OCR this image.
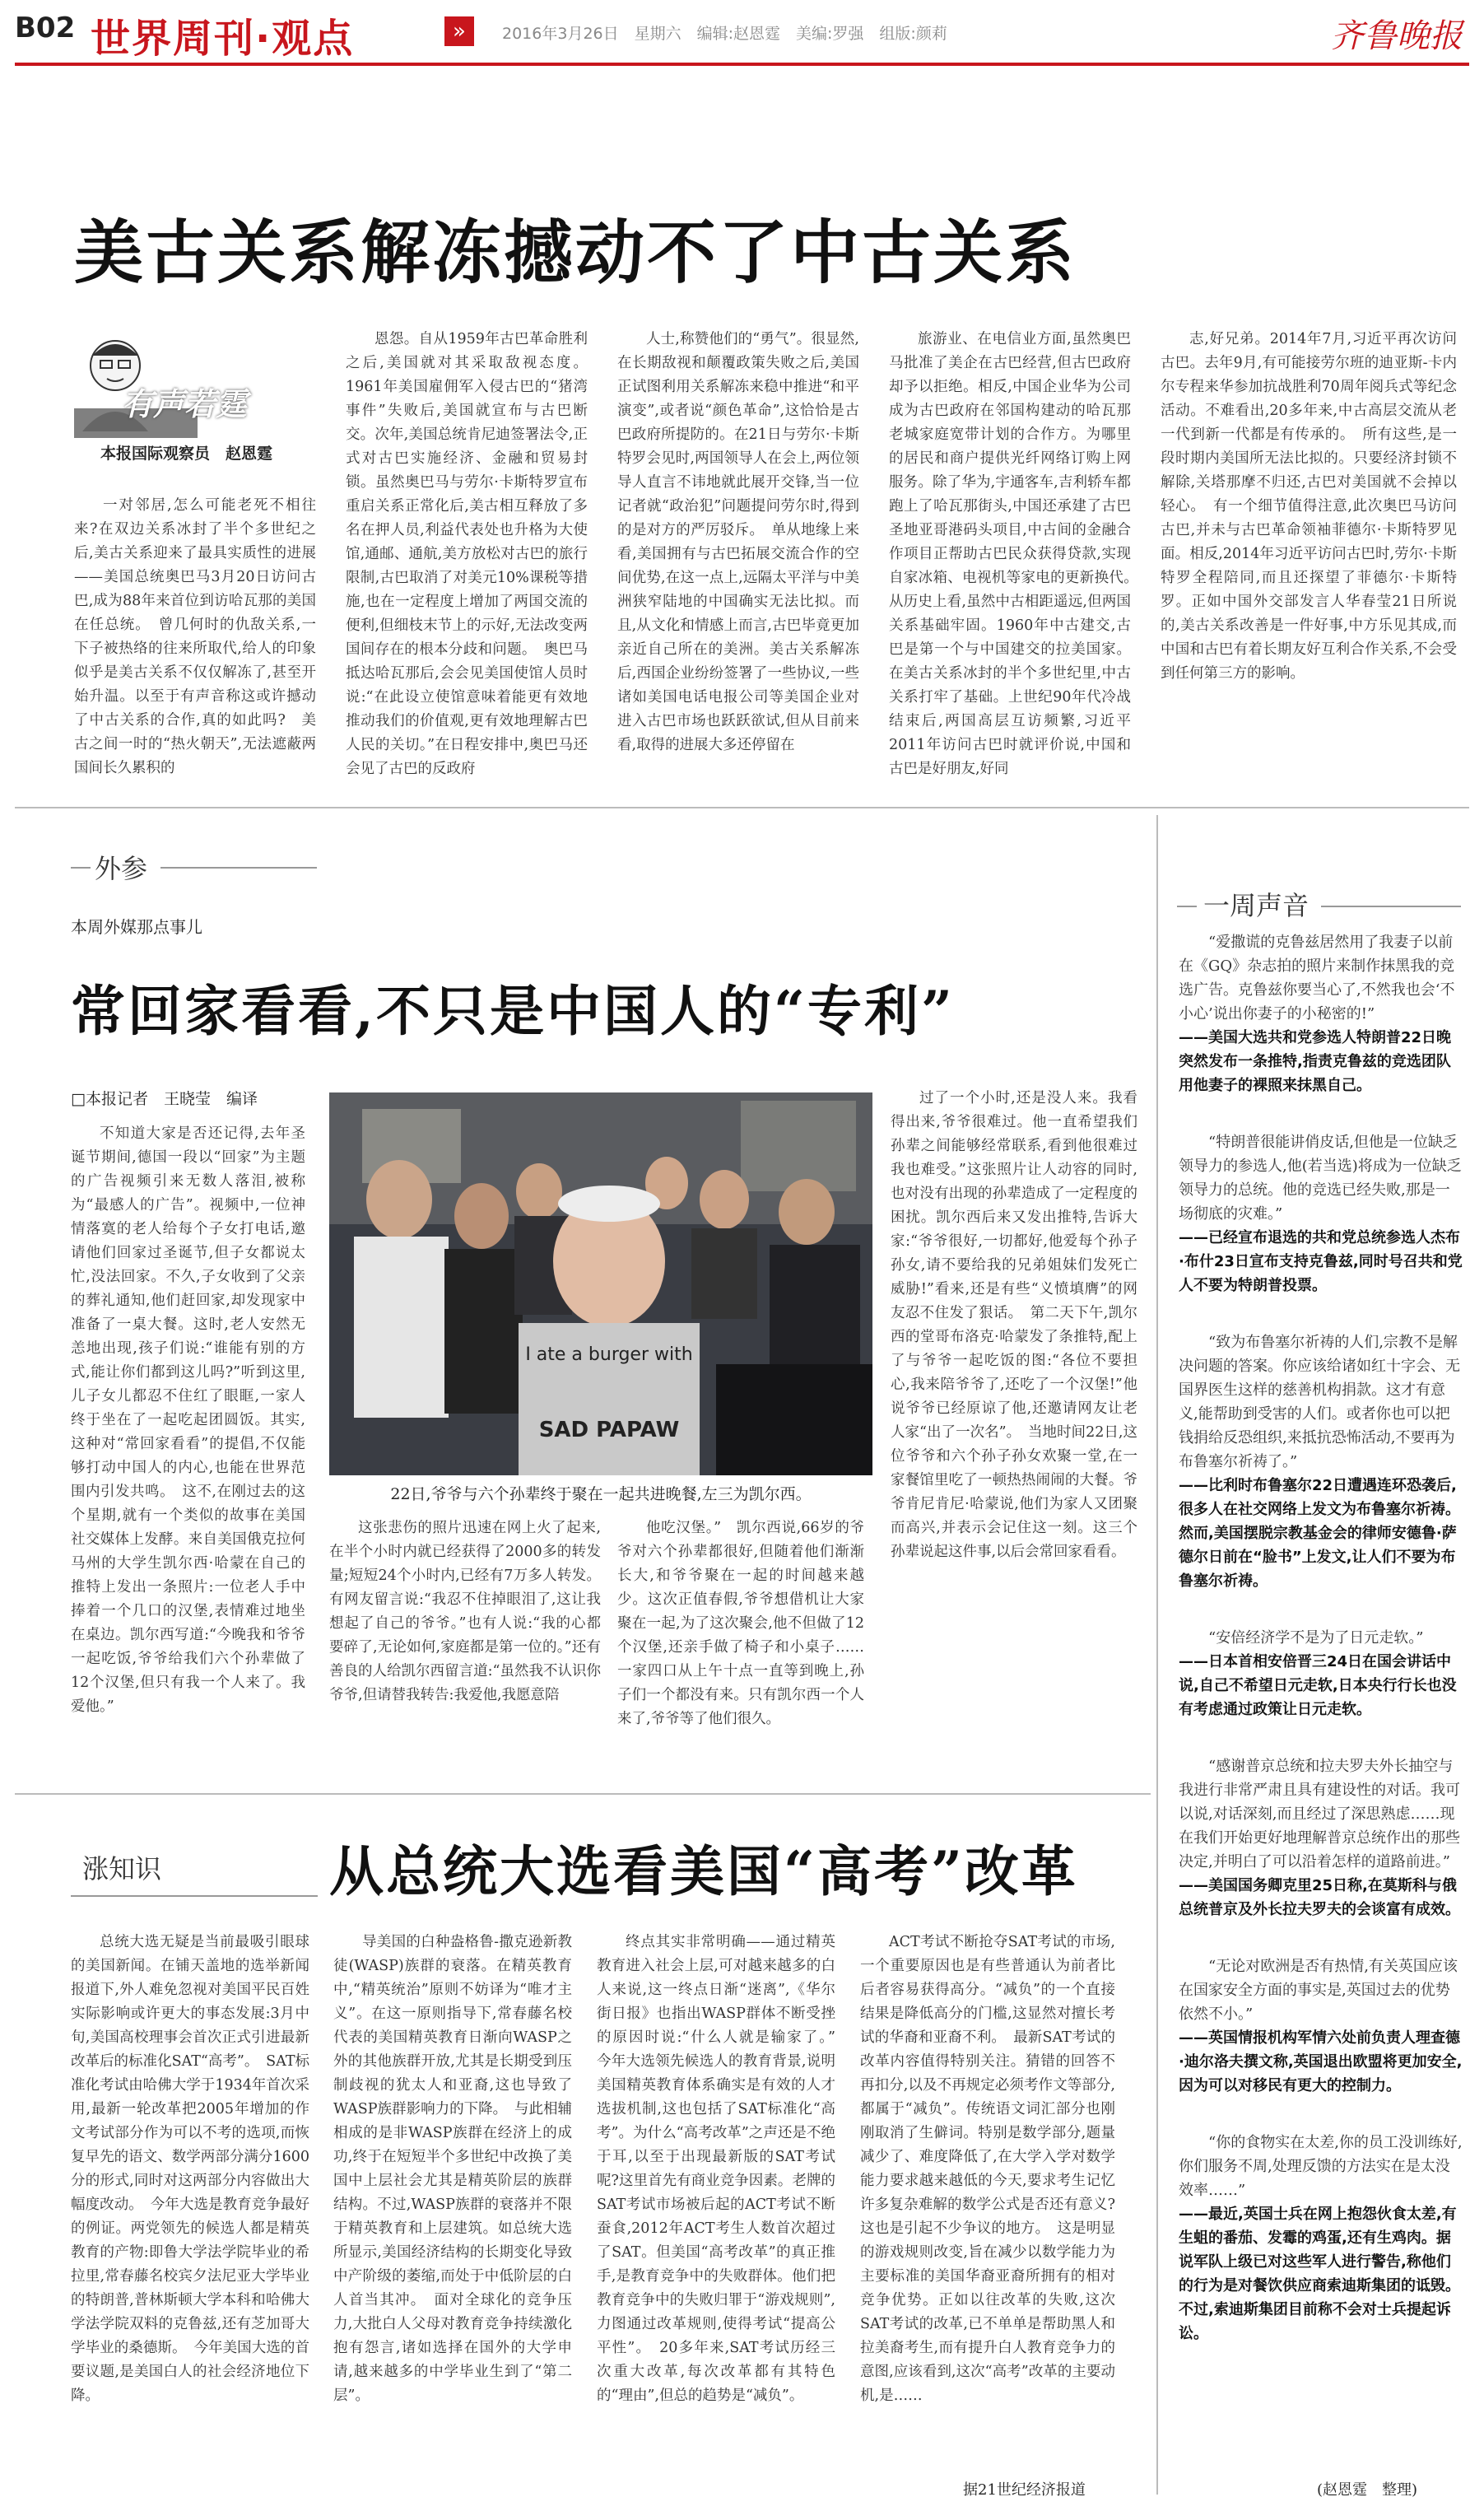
B02 世界周刊·观点	»	2016年3月26日　星期六　编辑:赵恩霆　美编:罗强　组版:颜莉	齐鲁晚报
美古关系解冻撼动不了中古关系
有声若霆
本报国际观察员　赵恩霆

一对邻居,怎么可能老死不相往来?在双边关系冰封了半个多世纪之后,美古关系迎来了最具实质性的进展——美国总统奥巴马3月20日访问古巴,成为88年来首位到访哈瓦那的美国在任总统。　曾几何时的仇敌关系,一下子被热络的往来所取代,给人的印象似乎是美古关系不仅仅解冻了,甚至开始升温。以至于有声音称这或许撼动了中古关系的合作,真的如此吗?　美古之间一时的“热火朝天”,无法遮蔽两国间长久累积的

恩怨。自从1959年古巴革命胜利之后,美国就对其采取敌视态度。1961年美国雇佣军入侵古巴的“猪湾事件”失败后,美国就宣布与古巴断交。次年,美国总统肯尼迪签署法令,正式对古巴实施经济、金融和贸易封锁。虽然奥巴马与劳尔·卡斯特罗宣布重启关系正常化后,美古相互释放了多名在押人员,利益代表处也升格为大使馆,通邮、通航,美方放松对古巴的旅行限制,古巴取消了对美元10%课税等措施,也在一定程度上增加了两国交流的便利,但细枝末节上的示好,无法改变两国间存在的根本分歧和问题。　奥巴马抵达哈瓦那后,会会见美国使馆人员时说:“在此设立使馆意味着能更有效地推动我们的价值观,更有效地理解古巴人民的关切。”在日程安排中,奥巴马还会见了古巴的反政府

人士,称赞他们的“勇气”。很显然,在长期敌视和颠覆政策失败之后,美国正试图利用关系解冻来稳中推进“和平演变”,或者说“颜色革命”,这恰恰是古巴政府所提防的。在21日与劳尔·卡斯特罗会见时,两国领导人在会上,两位领导人直言不讳地就此展开交锋,当一位记者就“政治犯”问题提问劳尔时,得到的是对方的严厉驳斥。　单从地缘上来看,美国拥有与古巴拓展交流合作的空间优势,在这一点上,远隔太平洋与中美洲狭窄陆地的中国确实无法比拟。而且,从文化和情感上而言,古巴毕竟更加亲近自己所在的美洲。美古关系解冻后,西国企业纷纷签署了一些协议,一些诸如美国电话电报公司等美国企业对进入古巴市场也跃跃欲试,但从目前来看,取得的进展大多还停留在

旅游业、在电信业方面,虽然奥巴马批准了美企在古巴经营,但古巴政府却予以拒绝。相反,中国企业华为公司成为古巴政府在邻国构建动的哈瓦那老城家庭宽带计划的合作方。为哪里的居民和商户提供光纤网络订购上网服务。除了华为,宇通客车,吉利轿车都跑上了哈瓦那街头,中国还承建了古巴圣地亚哥港码头项目,中古间的金融合作项目正帮助古巴民众获得贷款,实现自家冰箱、电视机等家电的更新换代。　从历史上看,虽然中古相距遥远,但两国关系基础牢固。1960年中古建交,古巴是第一个与中国建交的拉美国家。在美古关系冰封的半个多世纪里,中古关系打牢了基础。上世纪90年代冷战结束后,两国高层互访频繁,习近平2011年访问古巴时就评价说,中国和古巴是好朋友,好同

志,好兄弟。2014年7月,习近平再次访问古巴。去年9月,有可能接劳尔班的迪亚斯-卡内尔专程来华参加抗战胜利70周年阅兵式等纪念活动。不难看出,20多年来,中古高层交流从老一代到新一代都是有传承的。　所有这些,是一段时期内美国所无法比拟的。只要经济封锁不解除,关塔那摩不归还,古巴对美国就不会掉以轻心。　有一个细节值得注意,此次奥巴马访问古巴,并未与古巴革命领袖菲德尔·卡斯特罗见面。相反,2014年习近平访问古巴时,劳尔·卡斯特罗全程陪同,而且还探望了菲德尔·卡斯特罗。正如中国外交部发言人华春莹21日所说的,美古关系改善是一件好事,中方乐见其成,而中国和古巴有着长期友好互利合作关系,不会受到任何第三方的影响。

外参
本周外媒那点事儿
常回家看看,不只是中国人的“专利”
□本报记者　王晓莹　编译

不知道大家是否还记得,去年圣诞节期间,德国一段以“回家”为主题的广告视频引来无数人落泪,被称为“最感人的广告”。视频中,一位神情落寞的老人给每个子女打电话,邀请他们回家过圣诞节,但子女都说太忙,没法回家。不久,子女收到了父亲的葬礼通知,他们赶回家,却发现家中准备了一桌大餐。这时,老人安然无恙地出现,孩子们说:“谁能有别的方式,能让你们都到这儿吗?”听到这里,儿子女儿都忍不住红了眼眶,一家人终于坐在了一起吃起团圆饭。其实,这种对“常回家看看”的提倡,不仅能够打动中国人的内心,也能在世界范围内引发共鸣。　这不,在刚过去的这个星期,就有一个类似的故事在美国社交媒体上发酵。来自美国俄克拉何马州的大学生凯尔西·哈蒙在自己的推特上发出一条照片:一位老人手中捧着一个几口的汉堡,表情难过地坐在桌边。凯尔西写道:“今晚我和爷爷一起吃饭,爷爷给我们六个孙辈做了12个汉堡,但只有我一个人来了。我爱他。”

I ate a burger with
SAD PAPAW
22日,爷爷与六个孙辈终于聚在一起共进晚餐,左三为凯尔西。

这张悲伤的照片迅速在网上火了起来,在半个小时内就已经获得了2000多的转发量;短短24个小时内,已经有7万多人转发。有网友留言说:“我忍不住掉眼泪了,这让我想起了自己的爷爷。”也有人说:“我的心都要碎了,无论如何,家庭都是第一位的。”还有善良的人给凯尔西留言道:“虽然我不认识你爷爷,但请替我转告:我爱他,我愿意陪

他吃汉堡。”　凯尔西说,66岁的爷爷对六个孙辈都很好,但随着他们渐渐长大,和爷爷聚在一起的时间越来越少。这次正值春假,爷爷想借机让大家聚在一起,为了这次聚会,他不但做了12个汉堡,还亲手做了椅子和小桌子……一家四口从上午十点一直等到晚上,孙子们一个都没有来。只有凯尔西一个人来了,爷爷等了他们很久。

过了一个小时,还是没人来。我看得出来,爷爷很难过。他一直希望我们孙辈之间能够经常联系,看到他很难过我也难受。”这张照片让人动容的同时,也对没有出现的孙辈造成了一定程度的困扰。凯尔西后来又发出推特,告诉大家:“爷爷很好,一切都好,他爱每个孙子孙女,请不要给我的兄弟姐妹们发死亡威胁!”看来,还是有些“义愤填膺”的网友忍不住发了狠话。　第二天下午,凯尔西的堂哥布洛克·哈蒙发了条推特,配上了与爷爷一起吃饭的图:“各位不要担心,我来陪爷爷了,还吃了一个汉堡!”他说爷爷已经原谅了他,还邀请网友让老人家“出了一次名”。　当地时间22日,这位爷爷和六个孙子孙女欢聚一堂,在一家餐馆里吃了一顿热热闹闹的大餐。爷爷肯尼肯尼·哈蒙说,他们为家人又团聚而高兴,并表示会记住这一刻。这三个孙辈说起这件事,以后会常回家看看。

涨知识	从总统大选看美国“高考”改革

总统大选无疑是当前最吸引眼球的美国新闻。在铺天盖地的选举新闻报道下,外人难免忽视对美国平民百姓实际影响或许更大的事态发展:3月中旬,美国高校理事会首次正式引进最新改革后的标准化SAT“高考”。　SAT标准化考试由哈佛大学于1934年首次采用,最新一轮改革把2005年增加的作文考试部分作为可以不考的选项,而恢复早先的语文、数学两部分满分1600分的形式,同时对这两部分内容做出大幅度改动。　今年大选是教育竞争最好的例证。两党领先的候选人都是精英教育的产物:即鲁大学法学院毕业的希拉里,常春藤名校宾夕法尼亚大学毕业的特朗普,普林斯顿大学本科和哈佛大学法学院双料的克鲁兹,还有芝加哥大学毕业的桑德斯。　今年美国大选的首要议题,是美国白人的社会经济地位下降。

导美国的白种盎格鲁-撒克逊新教徒(WASP)族群的衰落。在精英教育中,“精英统治”原则不妨译为“唯才主义”。在这一原则指导下,常春藤名校代表的美国精英教育日渐向WASP之外的其他族群开放,尤其是长期受到压制歧视的犹太人和亚裔,这也导致了WASP族群影响力的下降。　与此相辅相成的是非WASP族群在经济上的成功,终于在短短半个多世纪中改换了美国中上层社会尤其是精英阶层的族群结构。不过,WASP族群的衰落并不限于精英教育和上层建筑。如总统大选所显示,美国经济结构的长期变化导致中产阶级的萎缩,而处于中低阶层的白人首当其冲。　面对全球化的竞争压力,大批白人父母对教育竞争持续激化抱有怨言,诸如选择在国外的大学申请,越来越多的中学毕业生到了“第二层”。

终点其实非常明确——通过精英教育进入社会上层,可对越来越多的白人来说,这一终点日渐“迷离”,《华尔街日报》也指出WASP群体不断受挫的原因时说:“什么人就是输家了。”　今年大选领先候选人的教育背景,说明美国精英教育体系确实是有效的人才选拔机制,这也包括了SAT标准化“高考”。为什么“高考改革”之声还是不绝于耳,以至于出现最新版的SAT考试呢?这里首先有商业竞争因素。老牌的SAT考试市场被后起的ACT考试不断蚕食,2012年ACT考生人数首次超过了SAT。但美国“高考改革”的真正推手,是教育竞争中的失败群体。他们把教育竞争中的失败归罪于“游戏规则”,力图通过改革规则,使得考试“提高公平性”。　20多年来,SAT考试历经三次重大改革,每次改革都有其特色的“理由”,但总的趋势是“减负”。

ACT考试不断抢夺SAT考试的市场,一个重要原因也是有些普通认为前者比后者容易获得高分。“减负”的一个直接结果是降低高分的门槛,这显然对擅长考试的华裔和亚裔不利。　最新SAT考试的改革内容值得特别关注。猜错的回答不再扣分,以及不再规定必须考作文等部分,都属于“减负”。传统语文词汇部分也刚刚取消了生僻词。特别是数学部分,题量减少了、难度降低了,在大学入学对数学能力要求越来越低的今天,要求考生记忆许多复杂难解的数学公式是否还有意义?这也是引起不少争议的地方。　这是明显的游戏规则改变,旨在减少以数学能力为主要标准的美国华裔亚裔所拥有的相对竞争优势。正如以往改革的失败,这次SAT考试的改革,已不单单是帮助黑人和拉美裔考生,而有提升白人教育竞争力的意图,应该看到,这次“高考”改革的主要动机,是……

据21世纪经济报道
一周声音

“爱撒谎的克鲁兹居然用了我妻子以前在《GQ》杂志拍的照片来制作抹黑我的竞选广告。克鲁兹你要当心了,不然我也会‘不小心’说出你妻子的小秘密的!”

——美国大选共和党参选人特朗普22日晚突然发布一条推特,指责克鲁兹的竞选团队用他妻子的裸照来抹黑自己。

“特朗普很能讲俏皮话,但他是一位缺乏领导力的参选人,他(若当选)将成为一位缺乏领导力的总统。他的竞选已经失败,那是一场彻底的灾难。”

——已经宣布退选的共和党总统参选人杰布·布什23日宣布支持克鲁兹,同时号召共和党人不要为特朗普投票。

“致为布鲁塞尔祈祷的人们,宗教不是解决问题的答案。你应该给诸如红十字会、无国界医生这样的慈善机构捐款。这才有意义,能帮助到受害的人们。或者你也可以把钱捐给反恐组织,来抵抗恐怖活动,不要再为布鲁塞尔祈祷了。”

——比利时布鲁塞尔22日遭遇连环恐袭后,很多人在社交网络上发文为布鲁塞尔祈祷。然而,美国摆脱宗教基金会的律师安德鲁·萨德尔日前在“脸书”上发文,让人们不要为布鲁塞尔祈祷。

“安倍经济学不是为了日元走软。”

——日本首相安倍晋三24日在国会讲话中说,自己不希望日元走软,日本央行行长也没有考虑通过政策让日元走软。

“感谢普京总统和拉夫罗夫外长抽空与我进行非常严肃且具有建设性的对话。我可以说,对话深刻,而且经过了深思熟虑……现在我们开始更好地理解普京总统作出的那些决定,并明白了可以沿着怎样的道路前进。”

——美国国务卿克里25日称,在莫斯科与俄总统普京及外长拉夫罗夫的会谈富有成效。

“无论对欧洲是否有热情,有关英国应该在国家安全方面的事实是,英国过去的优势依然不小。”

——英国情报机构军情六处前负责人理查德·迪尔洛夫撰文称,英国退出欧盟将更加安全,因为可以对移民有更大的控制力。

“你的食物实在太差,你的员工没训练好,你们服务不周,处理反馈的方法实在是太没效率……”

——最近,英国士兵在网上抱怨伙食太差,有生蛆的番茄、发霉的鸡蛋,还有生鸡肉。据说军队上级已对这些军人进行警告,称他们的行为是对餐饮供应商索迪斯集团的诋毁。不过,索迪斯集团目前称不会对士兵提起诉讼。

(赵恩霆　整理)
